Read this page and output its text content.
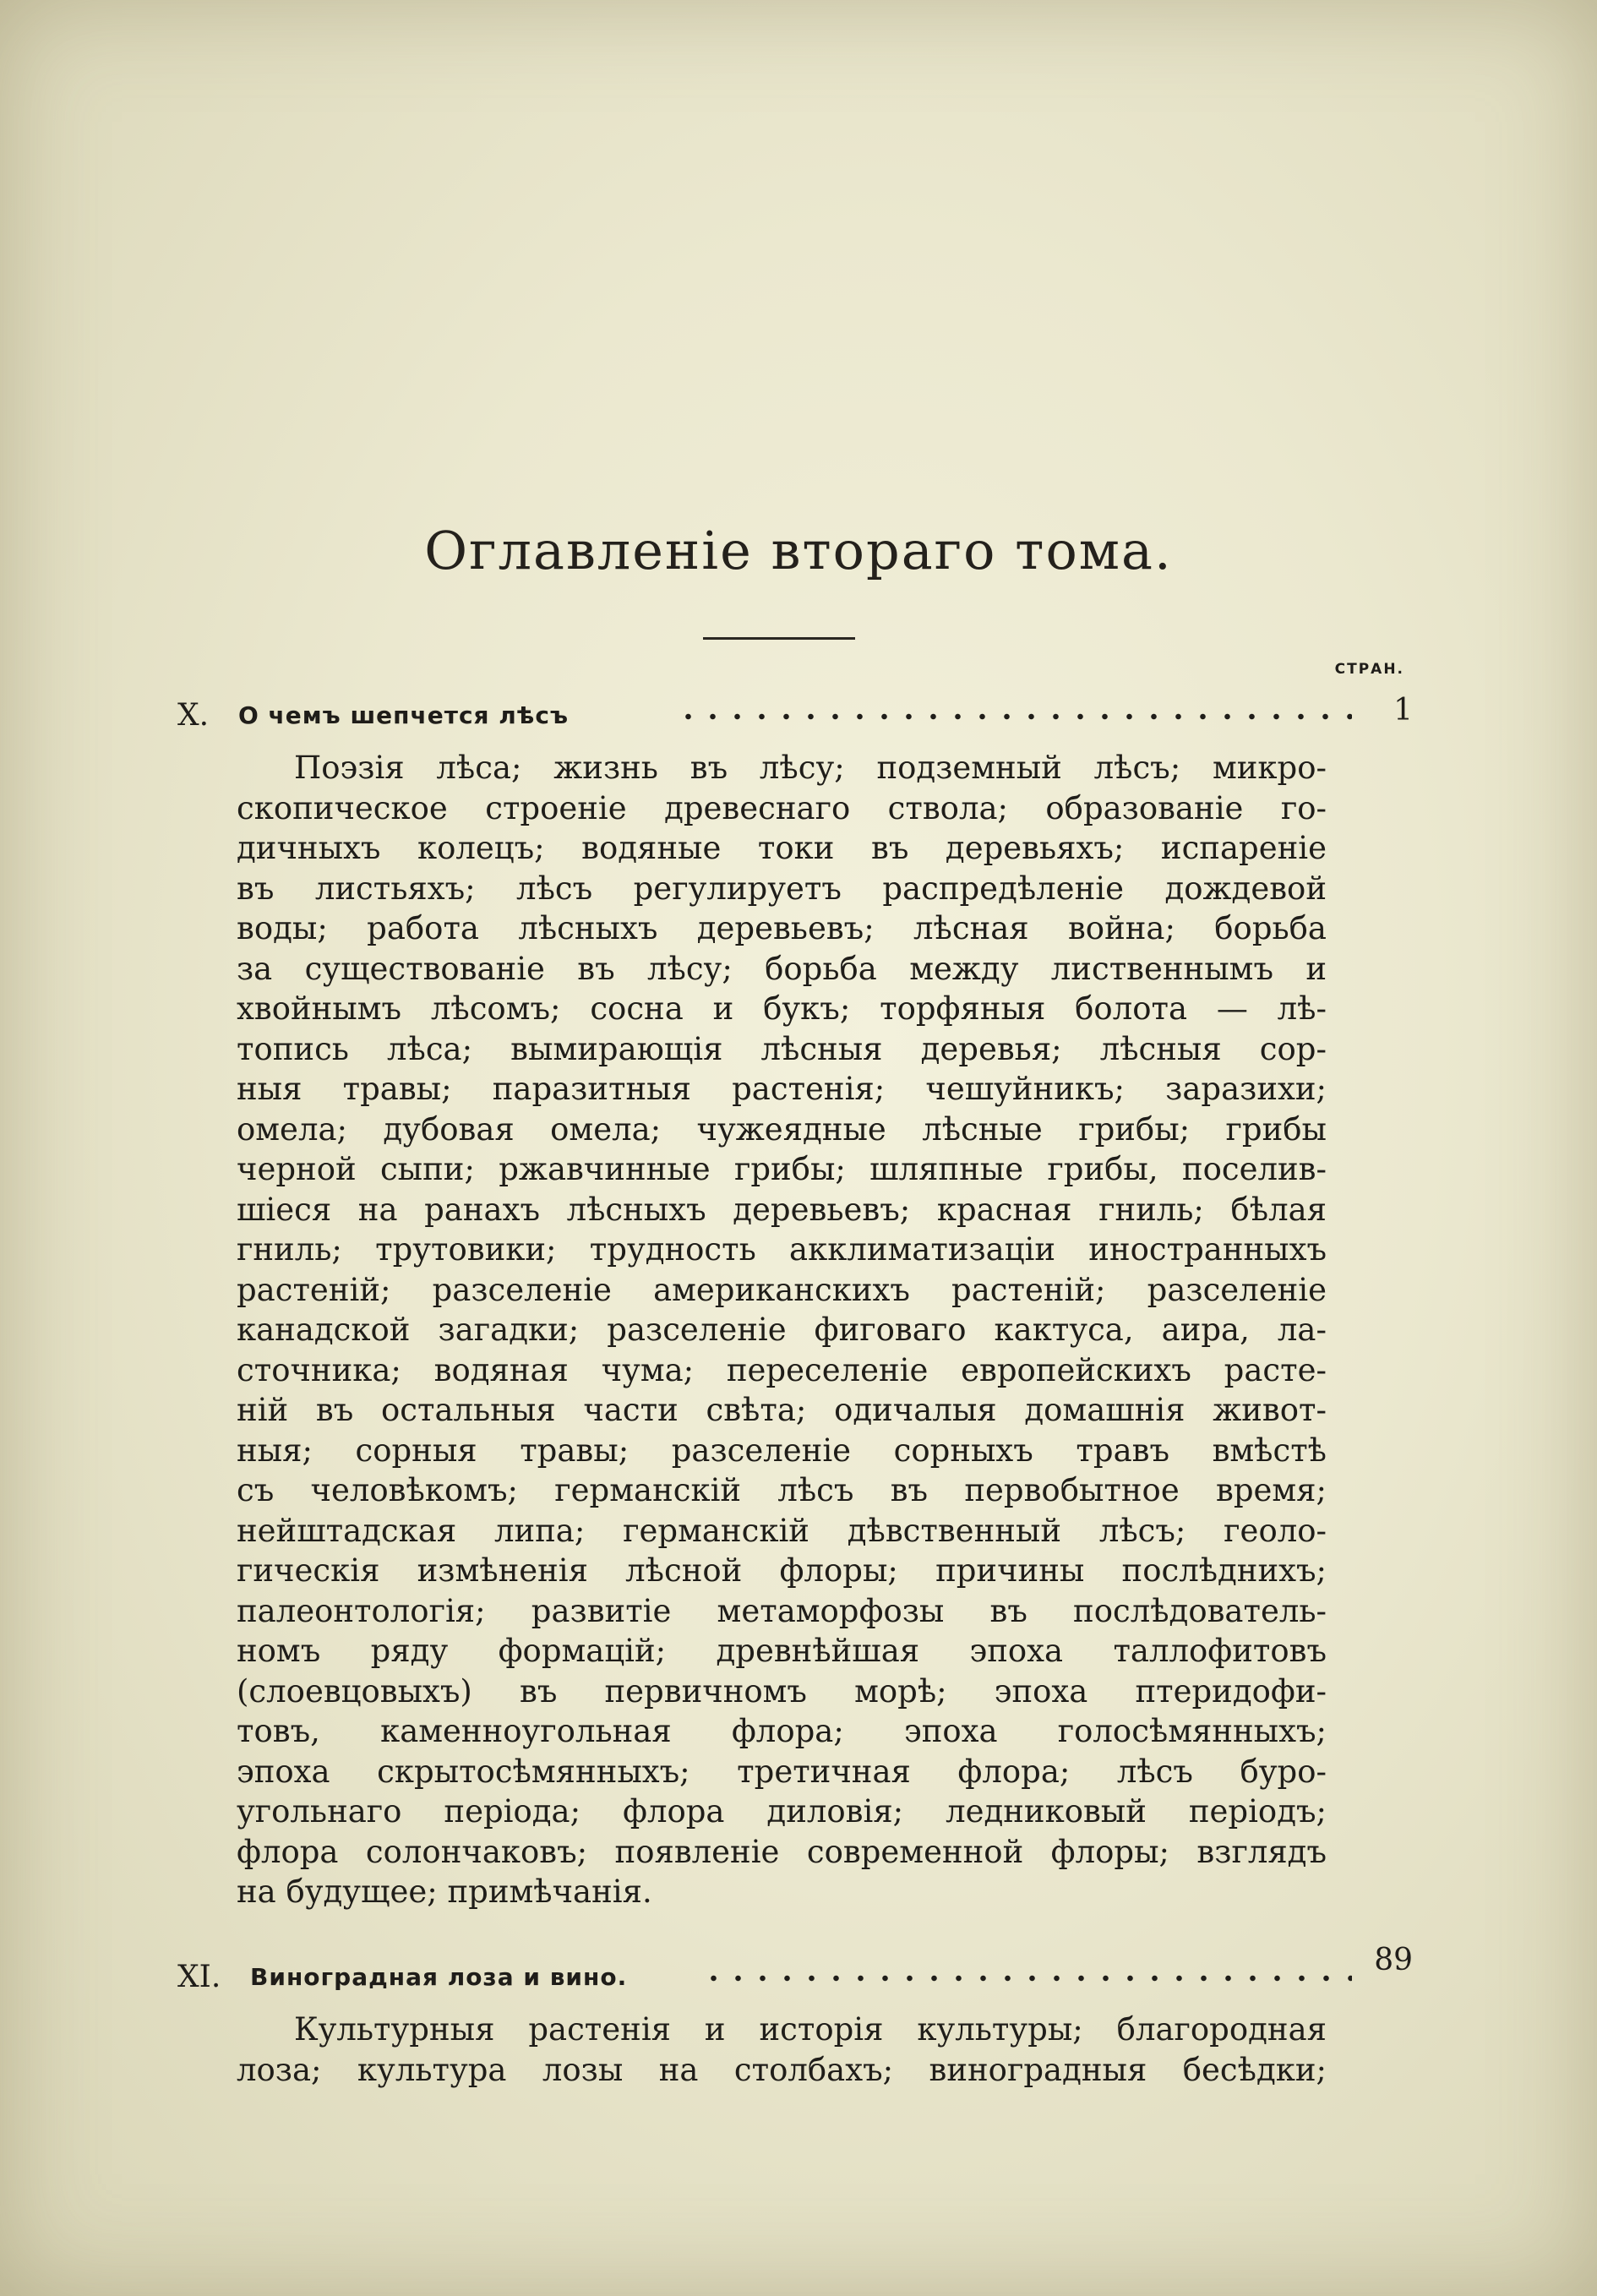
Оглавленіе втораго тома.
СТРАН.
X. О чемъ шепчется лѣсъ	1
Поэзія лѣса; жизнь въ лѣсу; подземный лѣсъ; микро-
скопическое строеніе древеснаго ствола; образованіе го-
дичныхъ колецъ; водяные токи въ деревьяхъ; испареніе
въ листьяхъ; лѣсъ регулируетъ распредѣленіе дождевой
воды; работа лѣсныхъ деревьевъ; лѣсная война; борьба
за существованіе въ лѣсу; борьба между лиственнымъ и
хвойнымъ лѣсомъ; сосна и букъ; торфяныя болота — лѣ-
топись лѣса; вымирающія лѣсныя деревья; лѣсныя сор-
ныя травы; паразитныя растенія; чешуйникъ; заразихи;
омела; дубовая омела; чужеядные лѣсные грибы; грибы
черной сыпи; ржавчинные грибы; шляпные грибы, поселив-
шіеся на ранахъ лѣсныхъ деревьевъ; красная гниль; бѣлая
гниль; трутовики; трудность акклиматизаціи иностранныхъ
растеній; разселеніе американскихъ растеній; разселеніе
канадской загадки; разселеніе фиговаго кактуса, аира, ла-
сточника; водяная чума; переселеніе европейскихъ расте-
ній въ остальныя части свѣта; одичалыя домашнія живот-
ныя; сорныя травы; разселеніе сорныхъ травъ вмѣстѣ
съ человѣкомъ; германскій лѣсъ въ первобытное время;
нейштадская липа; германскій дѣвственный лѣсъ; геоло-
гическія измѣненія лѣсной флоры; причины послѣднихъ;
палеонтологія; развитіе метаморфозы въ послѣдователь-
номъ ряду формацій; древнѣйшая эпоха таллофитовъ
(слоевцовыхъ) въ первичномъ морѣ; эпоха птеридофи-
товъ, каменноугольная флора; эпоха голосѣмянныхъ;
эпоха скрытосѣмянныхъ; третичная флора; лѣсъ буро-
угольнаго періода; флора диловія; ледниковый періодъ;
флора солончаковъ; появленіе современной флоры; взглядъ
на будущее; примѣчанія.
XI. Виноградная лоза и вино.	89
Культурныя растенія и исторія культуры; благородная
лоза; культура лозы на столбахъ; виноградныя бесѣдки;
